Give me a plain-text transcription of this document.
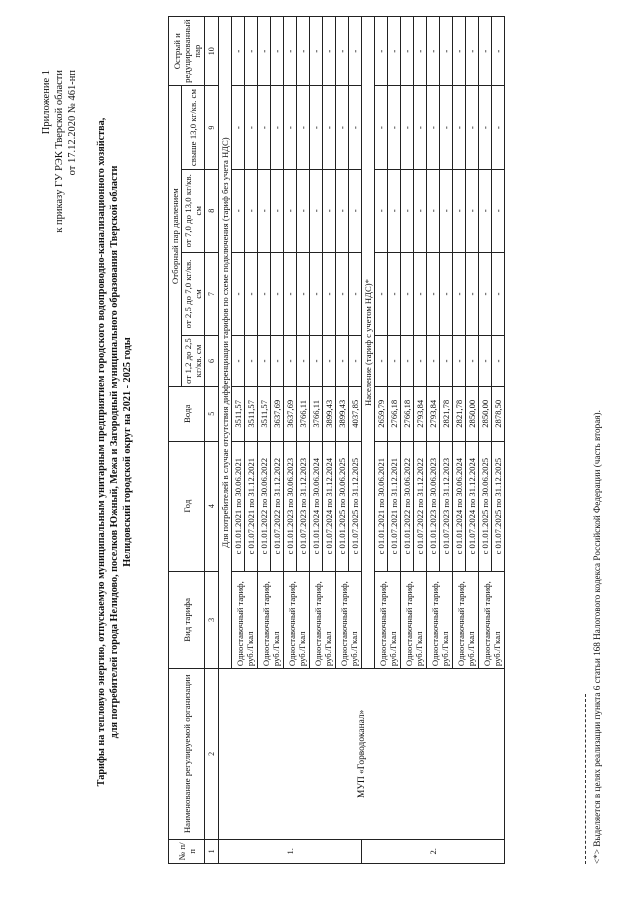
Приложение 1 к приказу ГУ РЭК Тверской области от 17.12.2020 № 461-нп Тарифы на тепловую энергию, отпускаемую муниципальным унитарным предприятием городского водопроводно-канализационного хозяйства, для потребителей города Нелидово, поселков Южный, Межа и Загородный муниципального образования Тверской области Нелидовский городской округ на 2021 - 2025 годы
№ п/п	Наименование регулируемой организации	Вид тарифа	Год	Вода	Отборный пар давлением				Острый и редуцированный пар
					от 1,2 до 2,5 кг/кв. см	от 2,5 до 7,0 кг/кв. см	от 7,0 до 13,0 кг/кв. см	свыше 13,0 кг/кв. см	
1	2	3	4	5	6	7	8	9	10
1.	МУП «Горводоканал»	Для потребителей в случае отсутствия дифференциации тарифов по схеме подключения (тариф без учета НДС)							
		Одноставочный тариф, руб./Гкал	с 01.01.2021 по 30.06.2021	3511,57	-	-	-	-	-
			с 01.07.2021 по 31.12.2021	3511,57	-	-	-	-	-
		Одноставочный тариф, руб./Гкал	с 01.01.2022 по 30.06.2022	3511,57	-	-	-	-	-
			с 01.07.2022 по 31.12.2022	3637,69	-	-	-	-	-
		Одноставочный тариф, руб./Гкал	с 01.01.2023 по 30.06.2023	3637,69	-	-	-	-	-
			с 01.07.2023 по 31.12.2023	3766,11	-	-	-	-	-
		Одноставочный тариф, руб./Гкал	с 01.01.2024 по 30.06.2024	3766,11	-	-	-	-	-
			с 01.07.2024 по 31.12.2024	3899,43	-	-	-	-	-
		Одноставочный тариф, руб./Гкал	с 01.01.2025 по 30.06.2025	3899,43	-	-	-	-	-
			с 01.07.2025 по 31.12.2025	4037,85	-	-	-	-	-
2.		Население (тариф с учетом НДС)*							
		Одноставочный тариф, руб./Гкал	с 01.01.2021 по 30.06.2021	2659,79	-	-	-	-	-
			с 01.07.2021 по 31.12.2021	2766,18	-	-	-	-	-
		Одноставочный тариф, руб./Гкал	с 01.01.2022 по 30.06.2022	2766,18	-	-	-	-	-
			с 01.07.2022 по 31.12.2022	2793,84	-	-	-	-	-
		Одноставочный тариф, руб./Гкал	с 01.01.2023 по 30.06.2023	2793,84	-	-	-	-	-
			с 01.07.2023 по 31.12.2023	2821,78	-	-	-	-	-
		Одноставочный тариф, руб./Гкал	с 01.01.2024 по 30.06.2024	2821,78	-	-	-	-	-
			с 01.07.2024 по 31.12.2024	2850,00	-	-	-	-	-
		Одноставочный тариф, руб./Гкал	с 01.01.2025 по 30.06.2025	2850,00	-	-	-	-	-
			с 01.07.2025 по 31.12.2025	2878,50	-	-	-	-	-
<*> Выделяется в целях реализации пункта 6 статьи 168 Налогового кодекса Российской Федерации (часть вторая).
